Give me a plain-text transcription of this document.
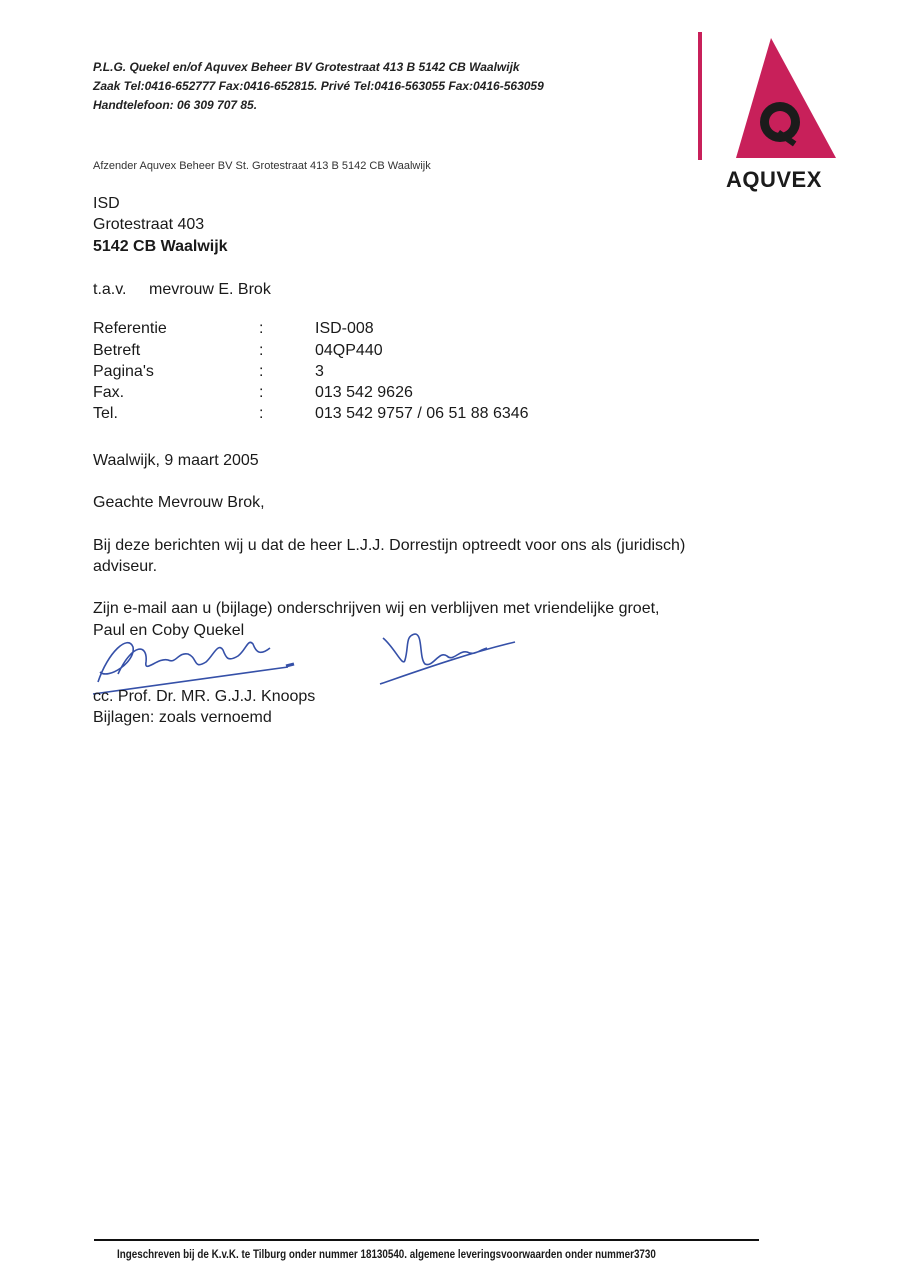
P.L.G. Quekel en/of Aquvex Beheer BV Grotestraat 413 B 5142 CB Waalwijk
Zaak Tel:0416-652777 Fax:0416-652815. Privé Tel:0416-563055 Fax:0416-563059
Handtelefoon: 06 309 707 85.
AQUVEX
Afzender Aquvex Beheer BV St. Grotestraat 413 B 5142 CB Waalwijk
ISD
Grotestraat 403
5142 CB Waalwijk
t.a.v. mevrouw E. Brok
Referentie	:	ISD-008
Betreft	:	04QP440
Pagina's	:	3
Fax.	:	013 542 9626
Tel.	:	013 542 9757 / 06 51 88 6346
Waalwijk, 9 maart 2005
Geachte Mevrouw Brok,
Bij deze berichten wij u dat de heer L.J.J. Dorrestijn optreedt voor ons als (juridisch)
adviseur.
Zijn e-mail aan u (bijlage) onderschrijven wij en verblijven met vriendelijke groet,
Paul en Coby Quekel
cc. Prof. Dr. MR. G.J.J. Knoops
Bijlagen: zoals vernoemd
Ingeschreven bij de K.v.K. te Tilburg onder nummer 18130540. algemene leveringsvoorwaarden onder nummer3730
